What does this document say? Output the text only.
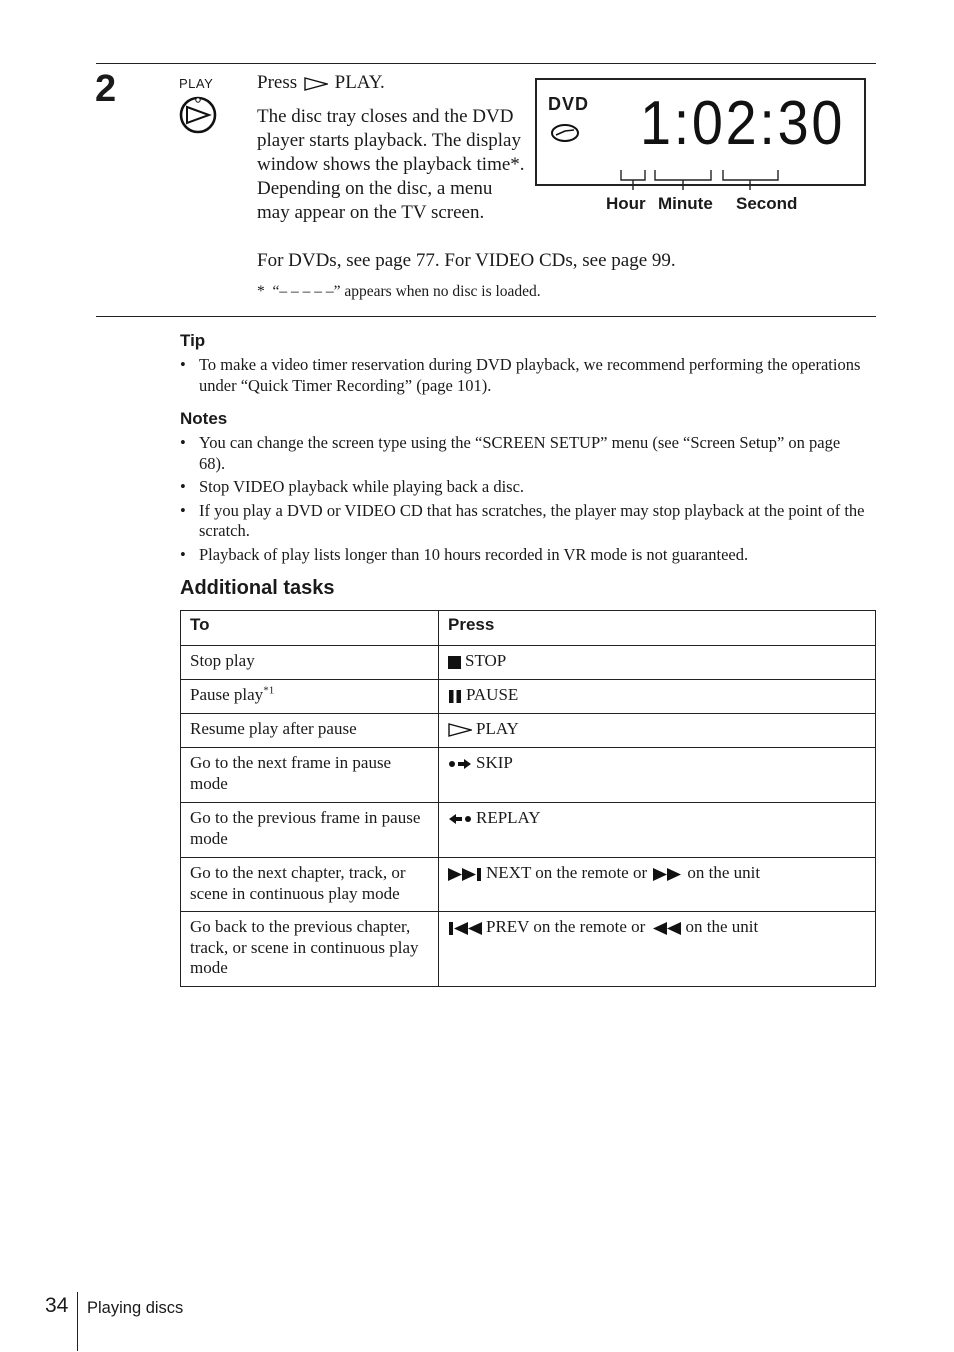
2	PLAY Press PLAY.
The disc tray closes and the DVD player starts playback. The display window shows the playback time*.
Depending on the disc, a menu may appear on the TV screen.
For DVDs, see page 77. For VIDEO CDs, see page 99.
* “– – – – –” appears when no disc is loaded.
DVD 1:02:30
Hour Minute Second
Tip
• To make a video timer reservation during DVD playback, we recommend performing the operations under “Quick Timer Recording” (page 101).
Notes
• You can change the screen type using the “SCREEN SETUP” menu (see “Screen Setup” on page 68).
• Stop VIDEO playback while playing back a disc.
• If you play a DVD or VIDEO CD that has scratches, the player may stop playback at the point of the scratch.
• Playback of play lists longer than 10 hours recorded in VR mode is not guaranteed.
Additional tasks
To	Press
Stop play	STOP
Pause play$^{*1}$	PAUSE
Resume play after pause	PLAY
Go to the next frame in pause mode	SKIP
Go to the previous frame in pause mode	REPLAY
Go to the next chapter, track, or scene in continuous play mode	NEXT on the remote or on the unit
Go back to the previous chapter, track, or scene in continuous play mode	PREV on the remote or on the unit
34 Playing discs
